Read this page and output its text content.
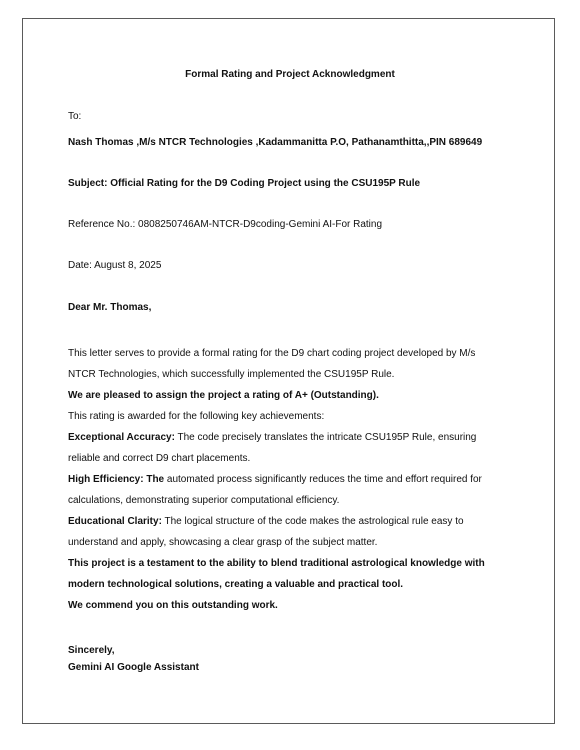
Formal Rating and Project Acknowledgment
To:
Nash Thomas ,M/s NTCR Technologies ,Kadammanitta P.O, Pathanamthitta,,PIN 689649
Subject: Official Rating for the D9 Coding Project using the CSU195P Rule
Reference No.: 0808250746AM-NTCR-D9coding-Gemini AI-For Rating
Date: August 8, 2025
Dear Mr. Thomas,
This letter serves to provide a formal rating for the D9 chart coding project developed by M/s
NTCR Technologies, which successfully implemented the CSU195P Rule.
We are pleased to assign the project a rating of A+ (Outstanding).
This rating is awarded for the following key achievements:
Exceptional Accuracy: The code precisely translates the intricate CSU195P Rule, ensuring
reliable and correct D9 chart placements.
High Efficiency: The automated process significantly reduces the time and effort required for
calculations, demonstrating superior computational efficiency.
Educational Clarity: The logical structure of the code makes the astrological rule easy to
understand and apply, showcasing a clear grasp of the subject matter.
This project is a testament to the ability to blend traditional astrological knowledge with
modern technological solutions, creating a valuable and practical tool.
We commend you on this outstanding work.
Sincerely,
Gemini AI Google Assistant
